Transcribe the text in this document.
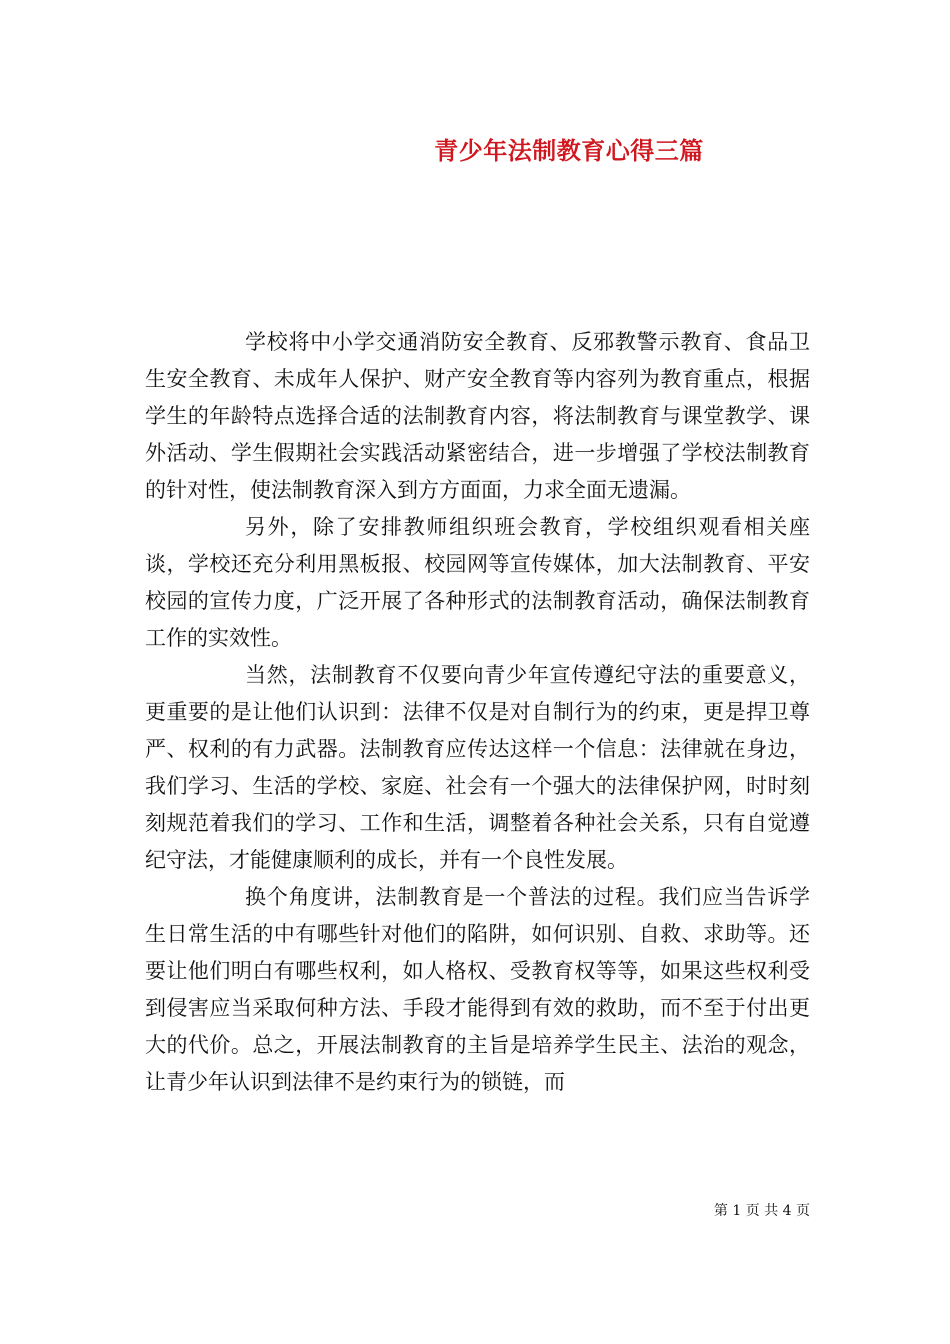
青少年法制教育心得三篇

学校将中小学交通消防安全教育、反邪教警示教育、食品卫生安全教育、未成年人保护、财产安全教育等内容列为教育重点，根据学生的年龄特点选择合适的法制教育内容，将法制教育与课堂教学、课外活动、学生假期社会实践活动紧密结合，进一步增强了学校法制教育的针对性，使法制教育深入到方方面面，力求全面无遗漏。

另外，除了安排教师组织班会教育，学校组织观看相关座谈，学校还充分利用黑板报、校园网等宣传媒体，加大法制教育、平安校园的宣传力度，广泛开展了各种形式的法制教育活动，确保法制教育工作的实效性。

当然，法制教育不仅要向青少年宣传遵纪守法的重要意义，更重要的是让他们认识到：法律不仅是对自制行为的约束，更是捍卫尊严、权利的有力武器。法制教育应传达这样一个信息：法律就在身边，我们学习、生活的学校、家庭、社会有一个强大的法律保护网，时时刻刻规范着我们的学习、工作和生活，调整着各种社会关系，只有自觉遵纪守法，才能健康顺利的成长，并有一个良性发展。

换个角度讲，法制教育是一个普法的过程。我们应当告诉学生日常生活的中有哪些针对他们的陷阱，如何识别、自救、求助等。还要让他们明白有哪些权利，如人格权、受教育权等等，如果这些权利受到侵害应当采取何种方法、手段才能得到有效的救助，而不至于付出更大的代价。总之，开展法制教育的主旨是培养学生民主、法治的观念，让青少年认识到法律不是约束行为的锁链，而

第 1 页 共 4 页
